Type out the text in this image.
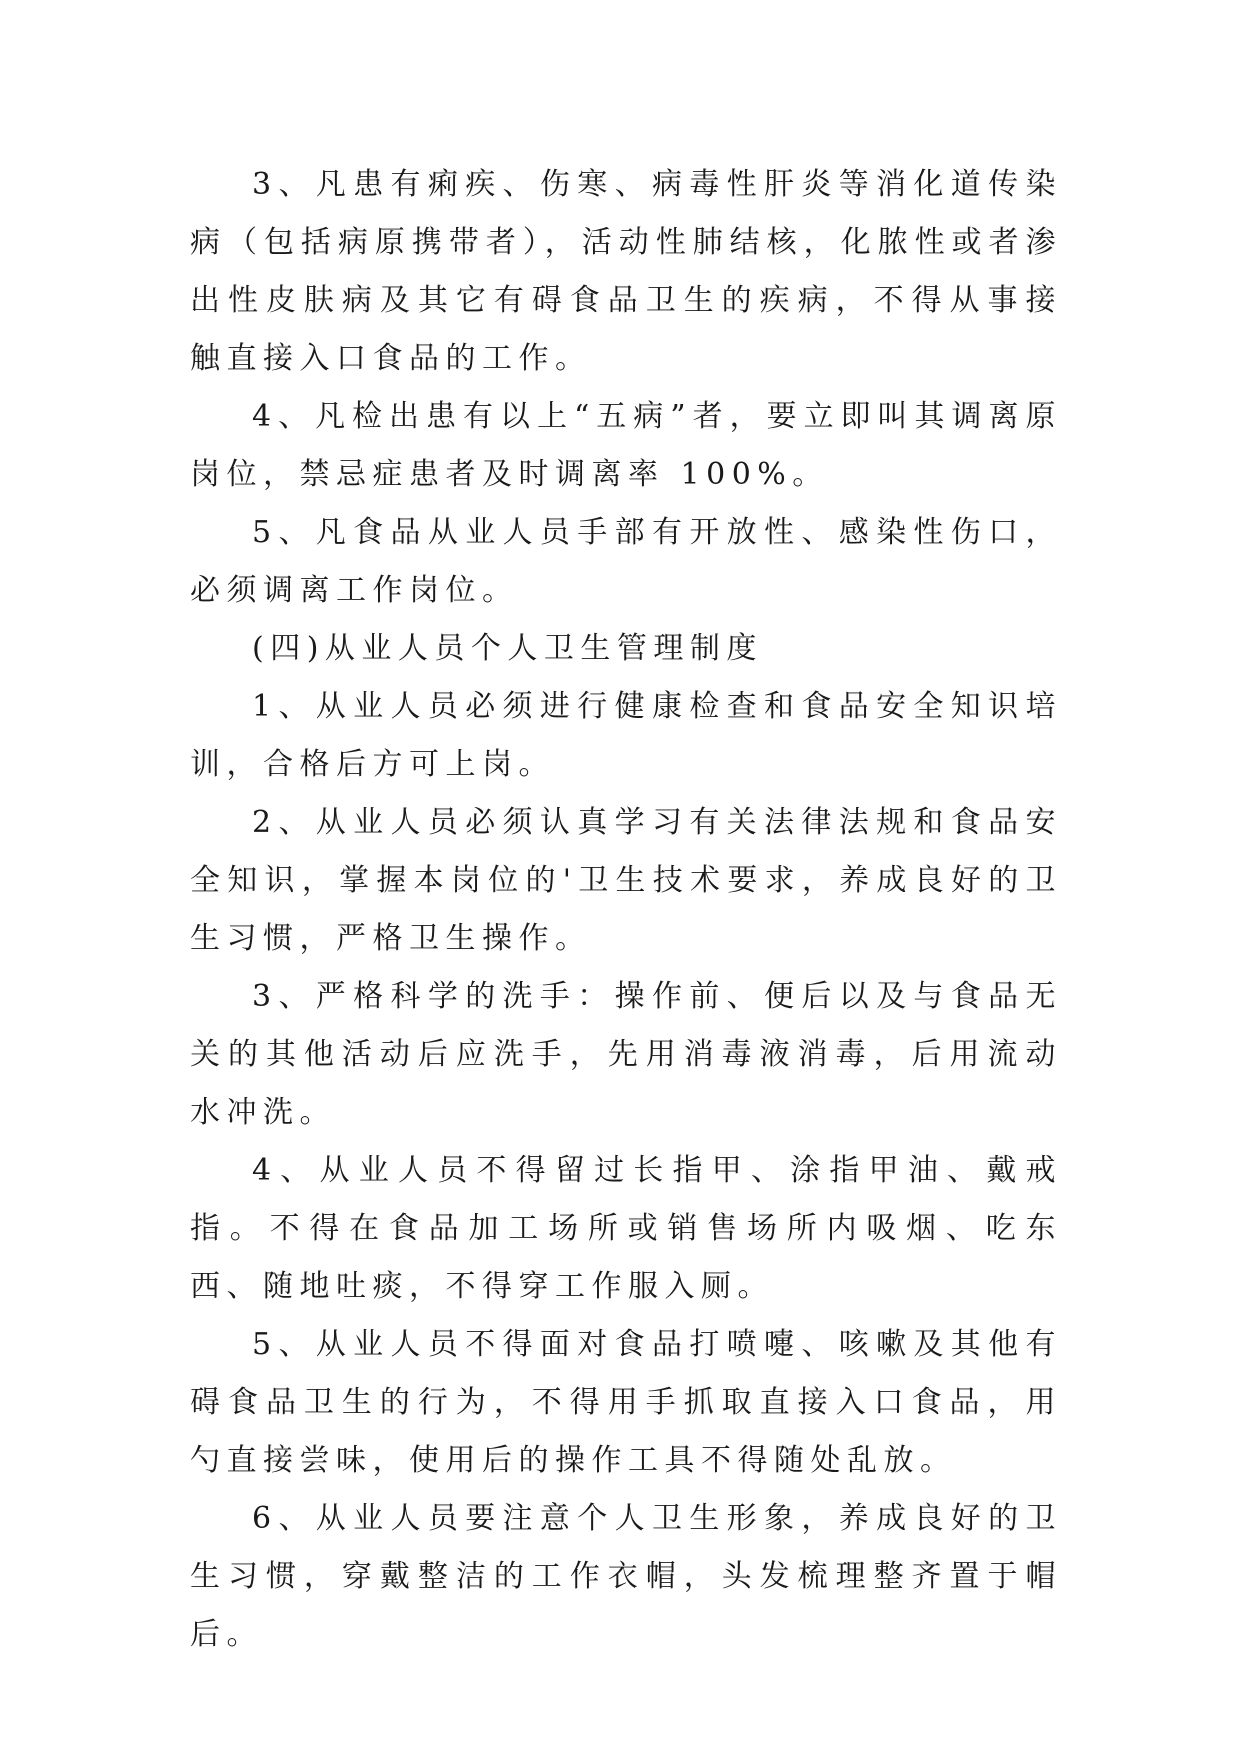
3、凡患有痢疾、伤寒、病毒性肝炎等消化道传染病（包括病原携带者），活动性肺结核，化脓性或者渗出性皮肤病及其它有碍食品卫生的疾病，不得从事接触直接入口食品的工作。

4、凡检出患有以上“五病”者，要立即叫其调离原岗位，禁忌症患者及时调离率 100%。

5、凡食品从业人员手部有开放性、感染性伤口，必须调离工作岗位。

(四)从业人员个人卫生管理制度

1、从业人员必须进行健康检查和食品安全知识培训，合格后方可上岗。

2、从业人员必须认真学习有关法律法规和食品安全知识，掌握本岗位的'卫生技术要求，养成良好的卫生习惯，严格卫生操作。

3、严格科学的洗手：操作前、便后以及与食品无关的其他活动后应洗手，先用消毒液消毒，后用流动水冲洗。

4、从业人员不得留过长指甲、涂指甲油、戴戒指。不得在食品加工场所或销售场所内吸烟、吃东西、随地吐痰，不得穿工作服入厕。

5、从业人员不得面对食品打喷嚏、咳嗽及其他有碍食品卫生的行为，不得用手抓取直接入口食品，用勺直接尝味，使用后的操作工具不得随处乱放。

6、从业人员要注意个人卫生形象，养成良好的卫生习惯，穿戴整洁的工作衣帽，头发梳理整齐置于帽后。
